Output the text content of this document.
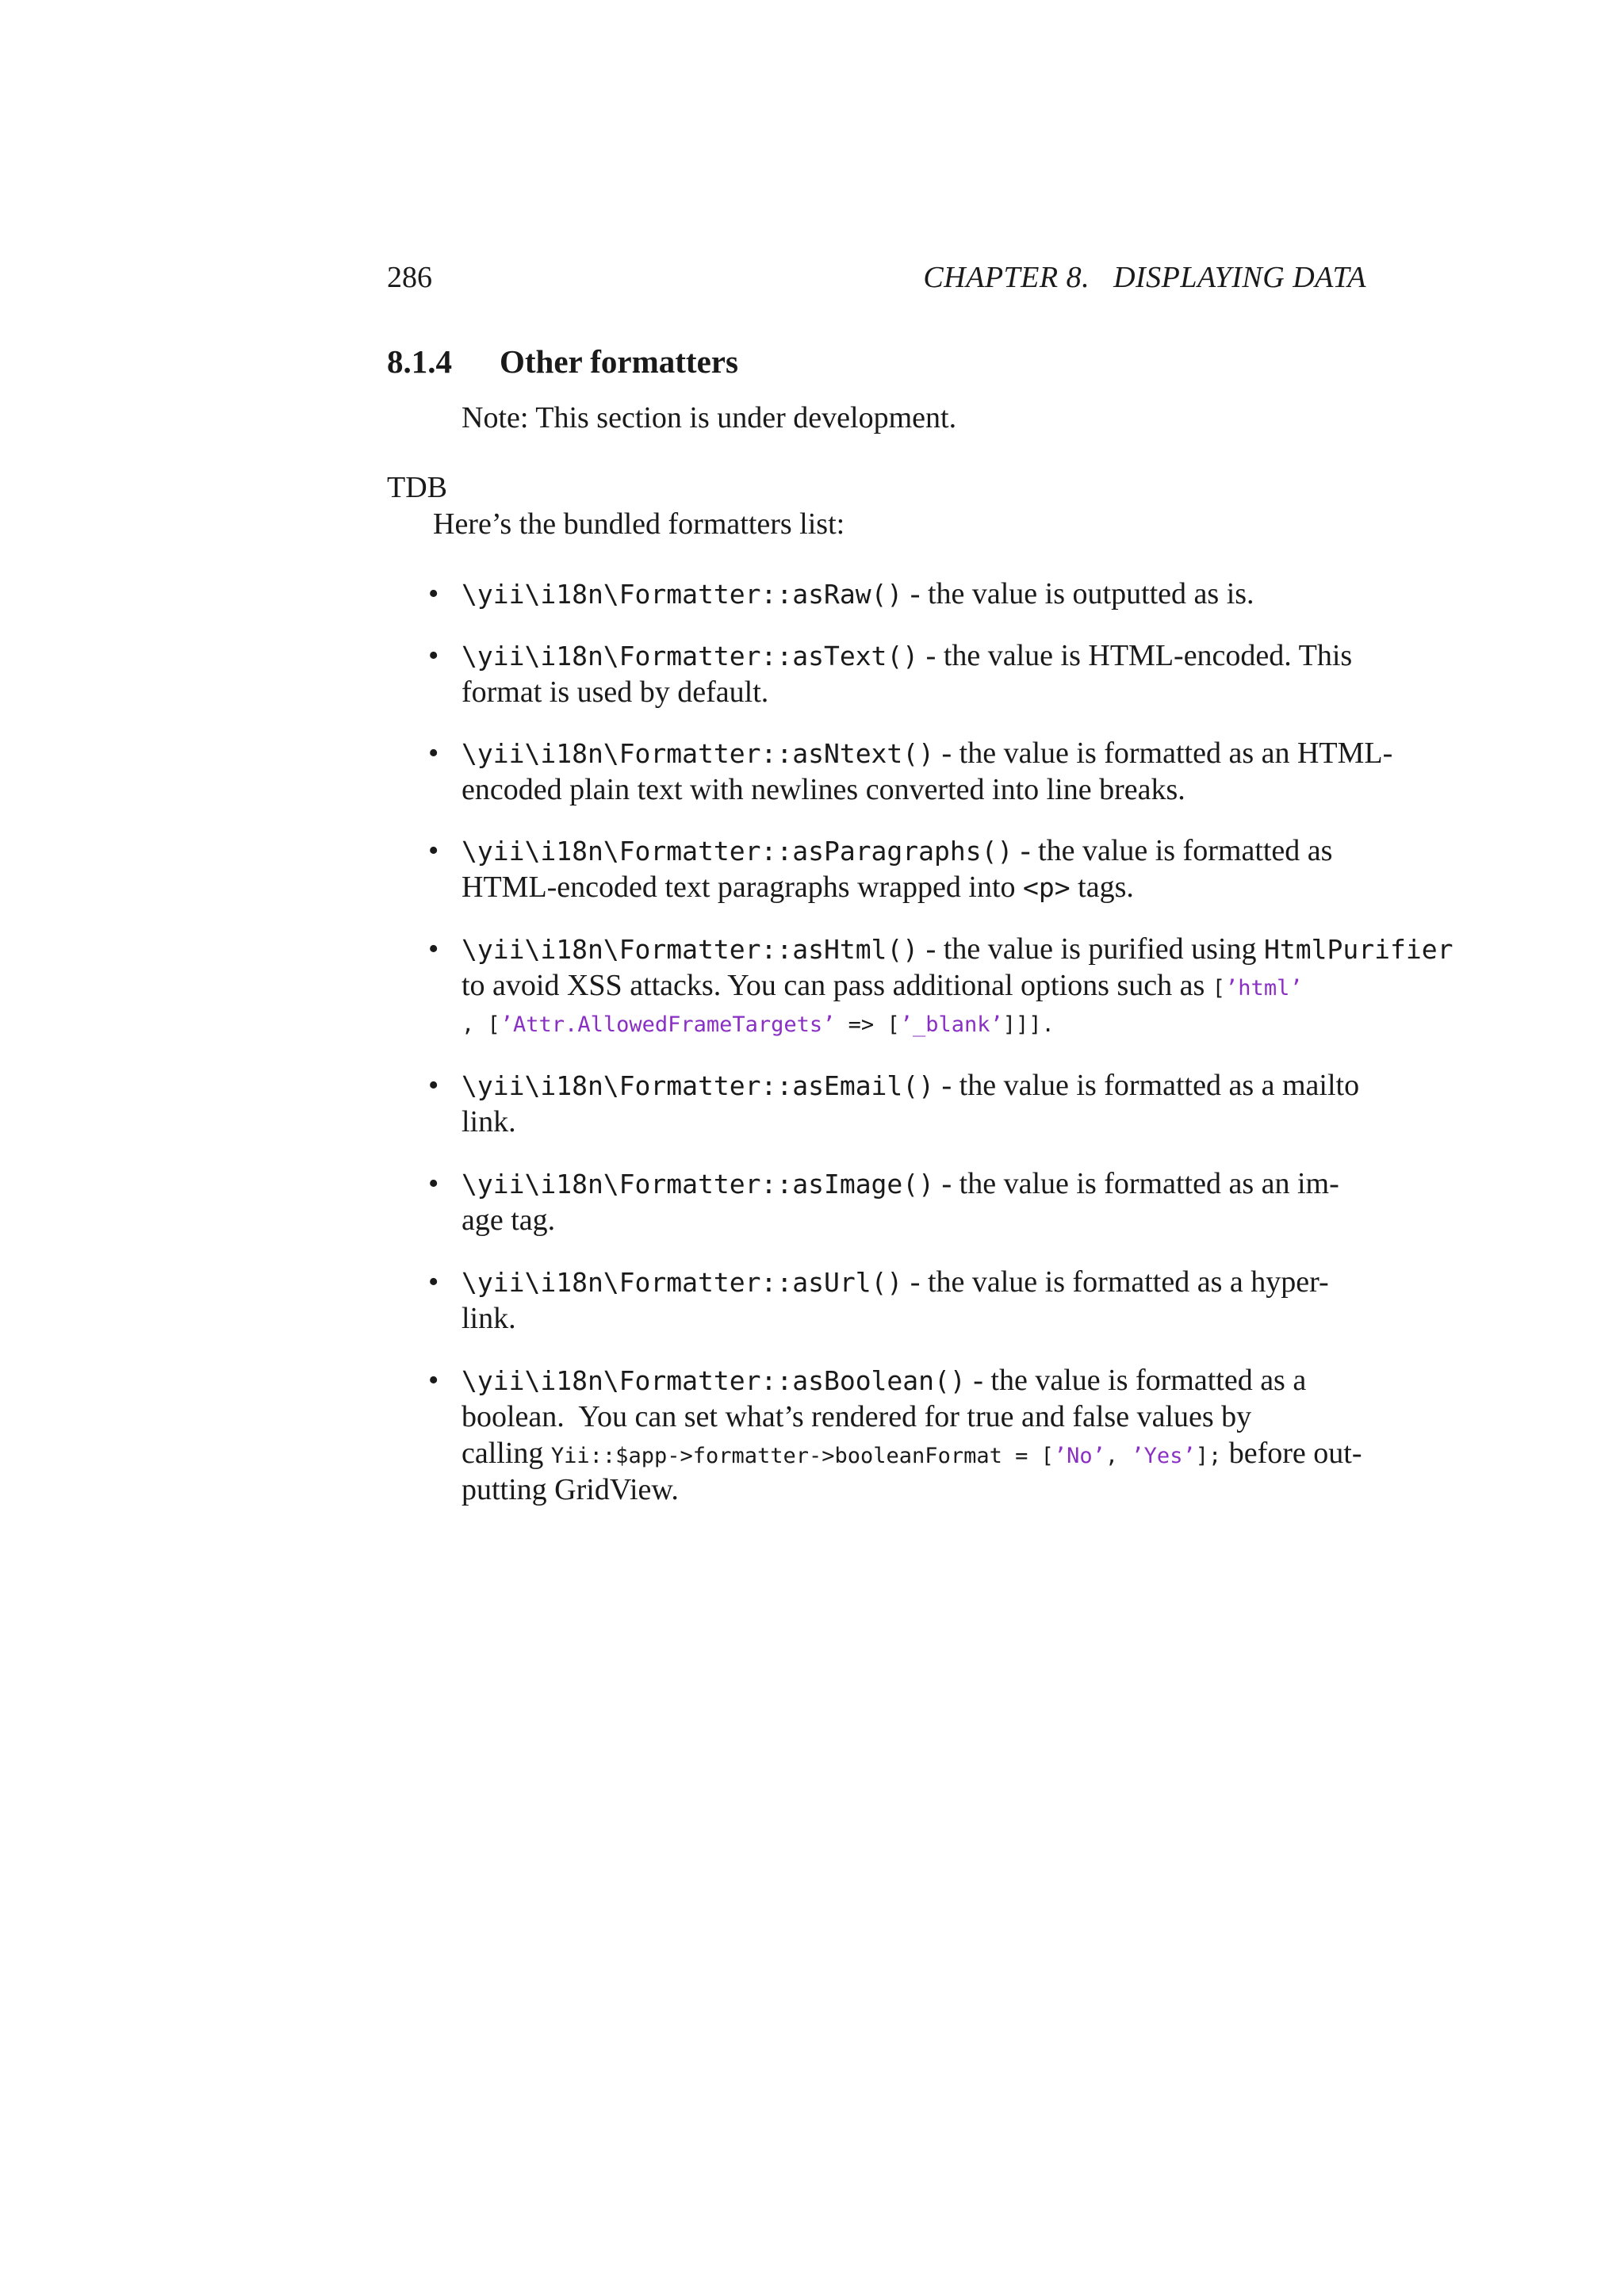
286	CHAPTER 8.   DISPLAYING DATA
8.1.4 Other formatters
Note: This section is under development.
TDB
Here’s the bundled formatters list:
• \yii\i18n\Formatter::asRaw() - the value is outputted as is.
• \yii\i18n\Formatter::asText() - the value is HTML-encoded. This
format is used by default.
• \yii\i18n\Formatter::asNtext() - the value is formatted as an HTML-
encoded plain text with newlines converted into line breaks.
• \yii\i18n\Formatter::asParagraphs() - the value is formatted as
HTML-encoded text paragraphs wrapped into <p> tags.
• \yii\i18n\Formatter::asHtml() - the value is purified using HtmlPurifier
to avoid XSS attacks. You can pass additional options such as [’html’
, [’Attr.AllowedFrameTargets’ => [’_blank’]]].
• \yii\i18n\Formatter::asEmail() - the value is formatted as a mailto
link.
• \yii\i18n\Formatter::asImage() - the value is formatted as an im-
age tag.
• \yii\i18n\Formatter::asUrl() - the value is formatted as a hyper-
link.
• \yii\i18n\Formatter::asBoolean() - the value is formatted as a
boolean.  You can set what’s rendered for true and false values by
calling Yii::$app->formatter->booleanFormat = [’No’, ’Yes’]; before out-
putting GridView.
